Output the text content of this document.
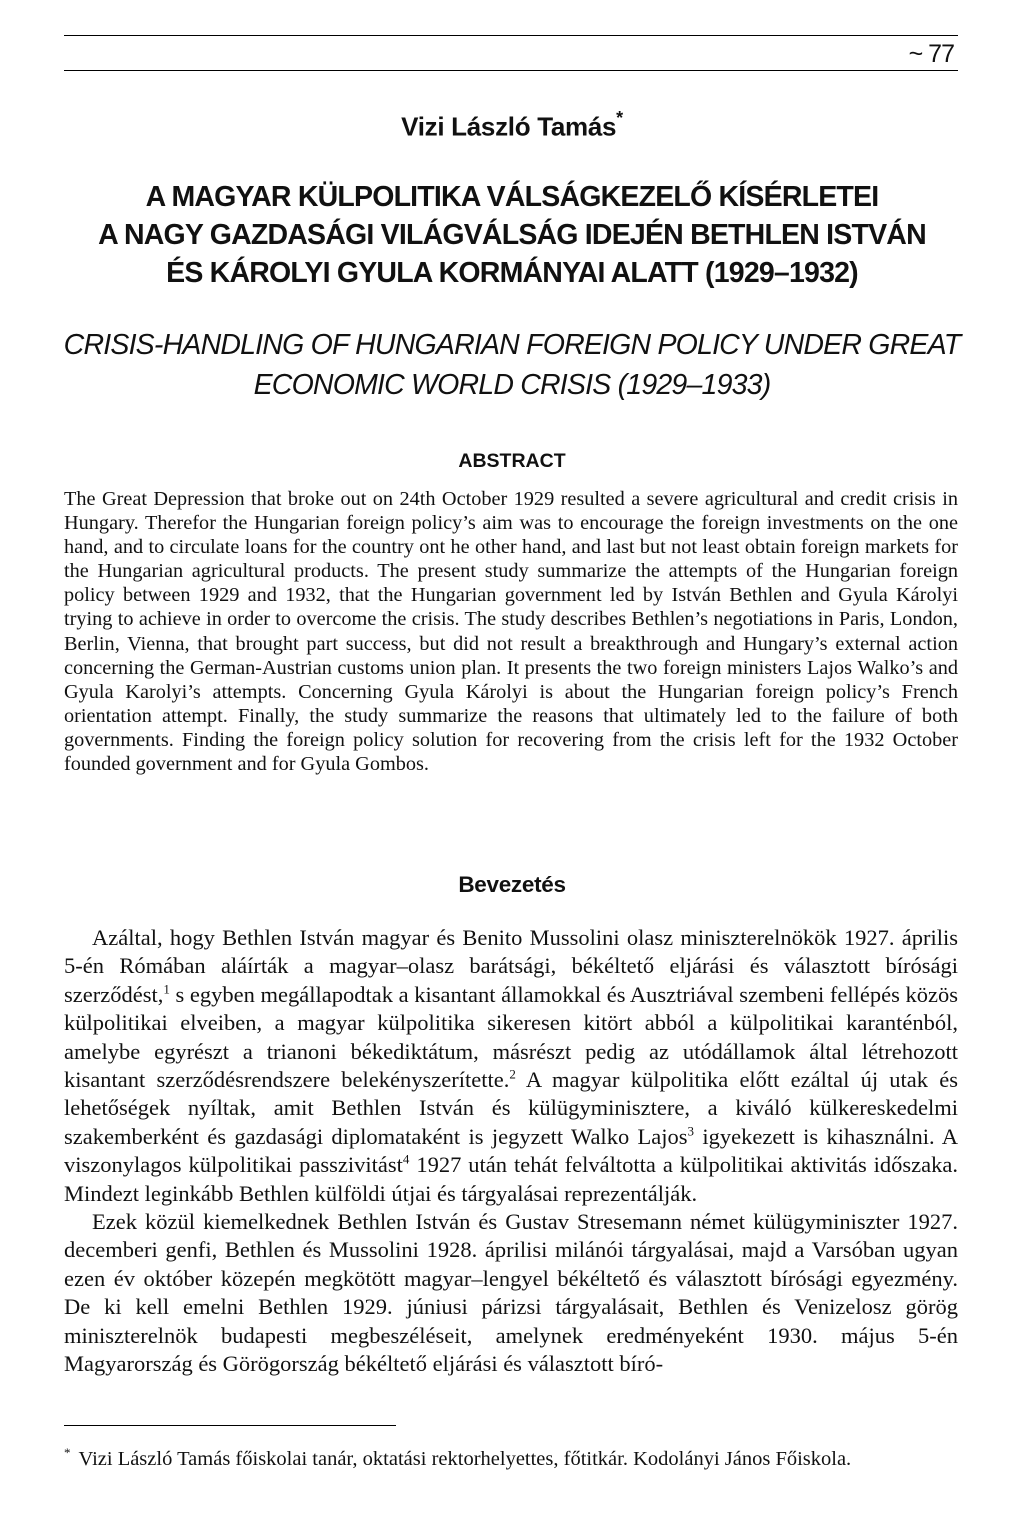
~ 77
Vizi László Tamás*
A MAGYAR KÜLPOLITIKA VÁLSÁGKEZELŐ KÍSÉRLETEI
A NAGY GAZDASÁGI VILÁGVÁLSÁG IDEJÉN BETHLEN ISTVÁN
ÉS KÁROLYI GYULA KORMÁNYAI ALATT (1929–1932)
CRISIS-HANDLING OF HUNGARIAN FOREIGN POLICY UNDER GREAT
ECONOMIC WORLD CRISIS (1929–1933)
ABSTRACT
The Great Depression that broke out on 24th October 1929 resulted a severe agricultural and credit crisis in Hungary. Therefor the Hungarian foreign policy’s aim was to encourage the foreign investments on the one hand, and to circulate loans for the country ont he other hand, and last but not least obtain foreign markets for the Hungarian agricultural products. The present study summarize the attempts of the Hungarian foreign policy between 1929 and 1932, that the Hungarian government led by István Bethlen and Gyula Károlyi trying to achieve in order to overcome the crisis. The study describes Bethlen’s negotiations in Paris, London, Berlin, Vienna, that brought part success, but did not result a breakthrough and Hungary’s external action concerning the German-Austrian customs union plan. It presents the two foreign ministers Lajos Walko’s and Gyula Karolyi’s attempts. Concerning Gyula Károlyi is about the Hungarian foreign policy’s French orientation attempt. Finally, the study summarize the reasons that ultimately led to the failure of both governments. Finding the foreign policy solution for recovering from the crisis left for the 1932 October founded government and for Gyula Gombos.
Bevezetés

Azáltal, hogy Bethlen István magyar és Benito Mussolini olasz miniszterelnökök 1927. április 5-én Rómában aláírták a magyar–olasz barátsági, békéltető eljárási és választott bírósági szerződést,$^1$ s egyben megállapodtak a kisantant államokkal és Ausztriával szembeni fellépés közös külpolitikai elveiben, a magyar külpolitika sikeresen kitört abból a külpolitikai karanténból, amelybe egyrészt a trianoni békediktátum, másrészt pedig az utódállamok által létrehozott kisantant szerződésrendszere belekényszerítette.$^2$ A magyar külpolitika előtt ezáltal új utak és lehetőségek nyíltak, amit Bethlen István és külügyminisztere, a kiváló külkereskedelmi szakemberként és gazdasági diplomataként is jegyzett Walko Lajos$^3$ igyekezett is kihasználni. A viszonylagos külpolitikai passzivitást$^4$ 1927 után tehát felváltotta a külpolitikai aktivitás időszaka. Mindezt leginkább Bethlen külföldi útjai és tárgyalásai reprezentálják.

Ezek közül kiemelkednek Bethlen István és Gustav Stresemann német külügyminiszter 1927. decemberi genfi, Bethlen és Mussolini 1928. áprilisi milánói tárgyalásai, majd a Varsóban ugyan ezen év október közepén megkötött magyar–lengyel békéltető és választott bírósági egyezmény. De ki kell emelni Bethlen 1929. júniusi párizsi tárgyalásait, Bethlen és Venizelosz görög miniszterelnök budapesti megbeszéléseit, amelynek eredményeként 1930. május 5-én Magyarország és Görögország békéltető eljárási és választott bíró-

* Vizi László Tamás főiskolai tanár, oktatási rektorhelyettes, főtitkár. Kodolányi János Főiskola.
